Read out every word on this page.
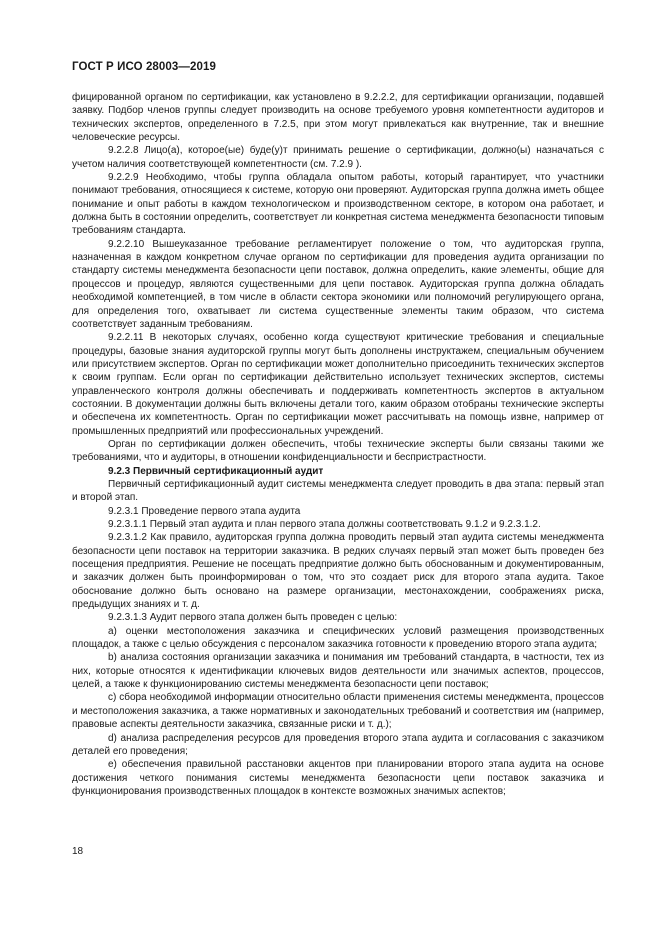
ГОСТ Р ИСО 28003—2019

фицированной органом по сертификации, как установлено в 9.2.2.2, для сертификации организации, подавшей заявку. Подбор членов группы следует производить на основе требуемого уровня компетентности аудиторов и технических экспертов, определенного в 7.2.5, при этом могут привлекаться как внутренние, так и внешние человеческие ресурсы.

9.2.2.8 Лицо(а), которое(ые) буде(у)т принимать решение о сертификации, должно(ы) назначаться с учетом наличия соответствующей компетентности (см. 7.2.9 ).

9.2.2.9 Необходимо, чтобы группа обладала опытом работы, который гарантирует, что участники понимают требования, относящиеся к системе, которую они проверяют. Аудиторская группа должна иметь общее понимание и опыт работы в каждом технологическом и производственном секторе, в котором она работает, и должна быть в состоянии определить, соответствует ли конкретная система менеджмента безопасности типовым требованиям стандарта.

9.2.2.10 Вышеуказанное требование регламентирует положение о том, что аудиторская группа, назначенная в каждом конкретном случае органом по сертификации для проведения аудита организации по стандарту системы менеджмента безопасности цепи поставок, должна определить, какие элементы, общие для процессов и процедур, являются существенными для цепи поставок. Аудиторская группа должна обладать необходимой компетенцией, в том числе в области сектора экономики или полномочий регулирующего органа, для определения того, охватывает ли система существенные элементы таким образом, что система соответствует заданным требованиям.

9.2.2.11 В некоторых случаях, особенно когда существуют критические требования и специальные процедуры, базовые знания аудиторской группы могут быть дополнены инструктажем, специальным обучением или присутствием экспертов. Орган по сертификации может дополнительно присоединить технических экспертов к своим группам. Если орган по сертификации действительно использует технических экспертов, системы управленческого контроля должны обеспечивать и поддерживать компетентность экспертов в актуальном состоянии. В документации должны быть включены детали того, каким образом отобраны технические эксперты и обеспечена их компетентность. Орган по сертификации может рассчитывать на помощь извне, например от промышленных предприятий или профессиональных учреждений.

Орган по сертификации должен обеспечить, чтобы технические эксперты были связаны такими же требованиями, что и аудиторы, в отношении конфиденциальности и беспристрастности.

9.2.3 Первичный сертификационный аудит

Первичный сертификационный аудит системы менеджмента следует проводить в два этапа: первый этап и второй этап.

9.2.3.1 Проведение первого этапа аудита

9.2.3.1.1 Первый этап аудита и план первого этапа должны соответствовать 9.1.2 и 9.2.3.1.2.

9.2.3.1.2 Как правило, аудиторская группа должна проводить первый этап аудита системы менеджмента безопасности цепи поставок на территории заказчика. В редких случаях первый этап может быть проведен без посещения предприятия. Решение не посещать предприятие должно быть обоснованным и документированным, и заказчик должен быть проинформирован о том, что это создает риск для второго этапа аудита. Такое обоснование должно быть основано на размере организации, местонахождении, соображениях риска, предыдущих знаниях и т. д.

9.2.3.1.3 Аудит первого этапа должен быть проведен с целью:

a) оценки местоположения заказчика и специфических условий размещения производственных площадок, а также с целью обсуждения с персоналом заказчика готовности к проведению второго этапа аудита;

b) анализа состояния организации заказчика и понимания им требований стандарта, в частности, тех из них, которые относятся к идентификации ключевых видов деятельности или значимых аспектов, процессов, целей, а также к функционированию системы менеджмента безопасности цепи поставок;

c) сбора необходимой информации относительно области применения системы менеджмента, процессов и местоположения заказчика, а также нормативных и законодательных требований и соответствия им (например, правовые аспекты деятельности заказчика, связанные риски и т. д.);

d) анализа распределения ресурсов для проведения второго этапа аудита и согласования с заказчиком деталей его проведения;

e) обеспечения правильной расстановки акцентов при планировании второго этапа аудита на основе достижения четкого понимания системы менеджмента безопасности цепи поставок заказчика и функционирования производственных площадок в контексте возможных значимых аспектов;

18
